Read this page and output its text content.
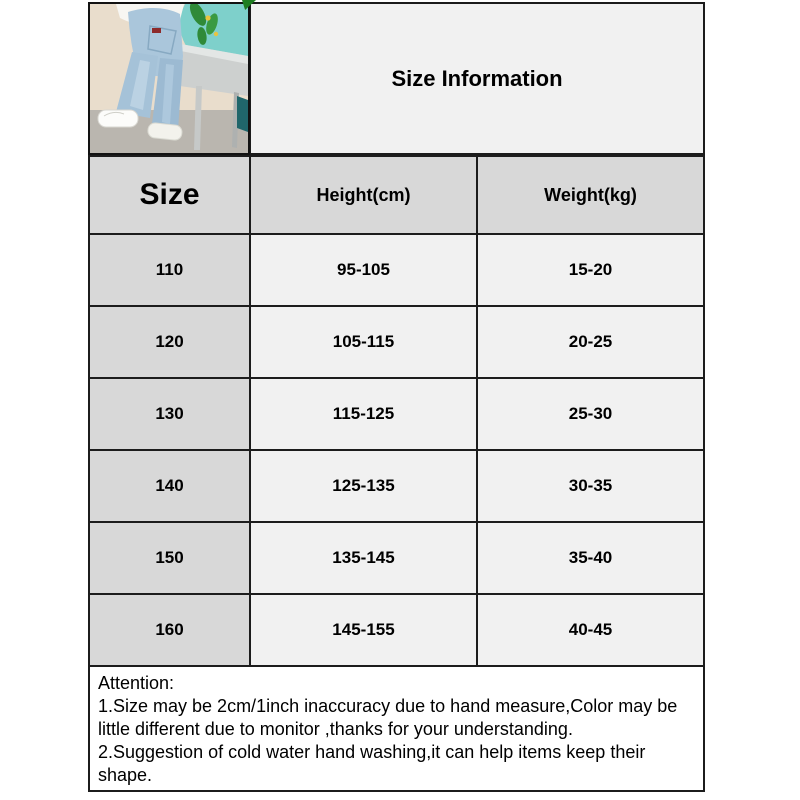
Size Information
Size	Height(cm)	Weight(kg)
110	95-105	15-20
120	105-115	20-25
130	115-125	25-30
140	125-135	30-35
150	135-145	35-40
160	145-155	40-45

Attention:

1.Size may be 2cm/1inch inaccuracy due to hand measure,Color may be little different due to monitor ,thanks for your understanding.

2.Suggestion of cold water hand washing,it can help items keep their shape.
